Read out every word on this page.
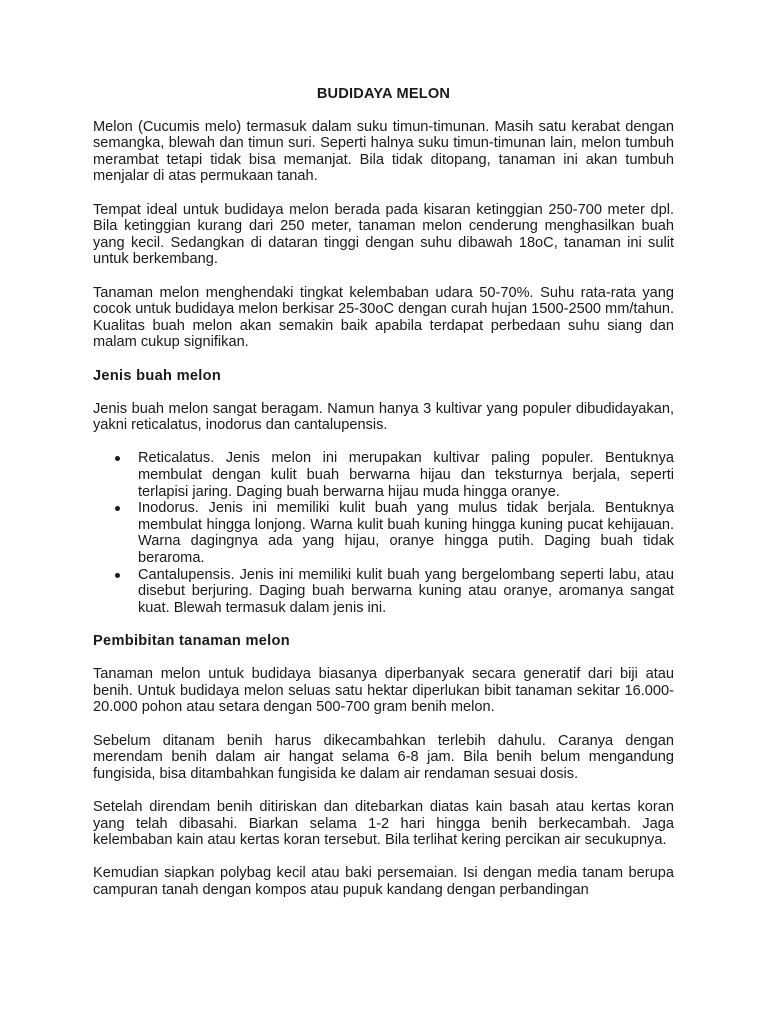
BUDIDAYA MELON

Melon (Cucumis melo) termasuk dalam suku timun-timunan. Masih satu kerabat dengan semangka, blewah dan timun suri. Seperti halnya suku timun-timunan lain, melon tumbuh merambat tetapi tidak bisa memanjat. Bila tidak ditopang, tanaman ini akan tumbuh menjalar di atas permukaan tanah.

Tempat ideal untuk budidaya melon berada pada kisaran ketinggian 250-700 meter dpl. Bila ketinggian kurang dari 250 meter, tanaman melon cenderung menghasilkan buah yang kecil. Sedangkan di dataran tinggi dengan suhu dibawah 18oC, tanaman ini sulit untuk berkembang.

Tanaman melon menghendaki tingkat kelembaban udara 50-70%. Suhu rata-rata yang cocok untuk budidaya melon berkisar 25-30oC dengan curah hujan 1500-2500 mm/tahun. Kualitas buah melon akan semakin baik apabila terdapat perbedaan suhu siang dan malam cukup signifikan.

Jenis buah melon

Jenis buah melon sangat beragam. Namun hanya 3 kultivar yang populer dibudidayakan, yakni reticalatus, inodorus dan cantalupensis.

Reticalatus. Jenis melon ini merupakan kultivar paling populer. Bentuknya membulat dengan kulit buah berwarna hijau dan teksturnya berjala, seperti terlapisi jaring. Daging buah berwarna hijau muda hingga oranye.
Inodorus. Jenis ini memiliki kulit buah yang mulus tidak berjala. Bentuknya membulat hingga lonjong. Warna kulit buah kuning hingga kuning pucat kehijauan. Warna dagingnya ada yang hijau, oranye hingga putih. Daging buah tidak beraroma.
Cantalupensis. Jenis ini memiliki kulit buah yang bergelombang seperti labu, atau disebut berjuring. Daging buah berwarna kuning atau oranye, aromanya sangat kuat. Blewah termasuk dalam jenis ini.
Pembibitan tanaman melon

Tanaman melon untuk budidaya biasanya diperbanyak secara generatif dari biji atau benih. Untuk budidaya melon seluas satu hektar diperlukan bibit tanaman sekitar 16.000- 20.000 pohon atau setara dengan 500-700 gram benih melon.

Sebelum ditanam benih harus dikecambahkan terlebih dahulu. Caranya dengan merendam benih dalam air hangat selama 6-8 jam. Bila benih belum mengandung fungisida, bisa ditambahkan fungisida ke dalam air rendaman sesuai dosis.

Setelah direndam benih ditiriskan dan ditebarkan diatas kain basah atau kertas koran yang telah dibasahi. Biarkan selama 1-2 hari hingga benih berkecambah. Jaga kelembaban kain atau kertas koran tersebut. Bila terlihat kering percikan air secukupnya.

Kemudian siapkan polybag kecil atau baki persemaian. Isi dengan media tanam berupa campuran tanah dengan kompos atau pupuk kandang dengan perbandingan
